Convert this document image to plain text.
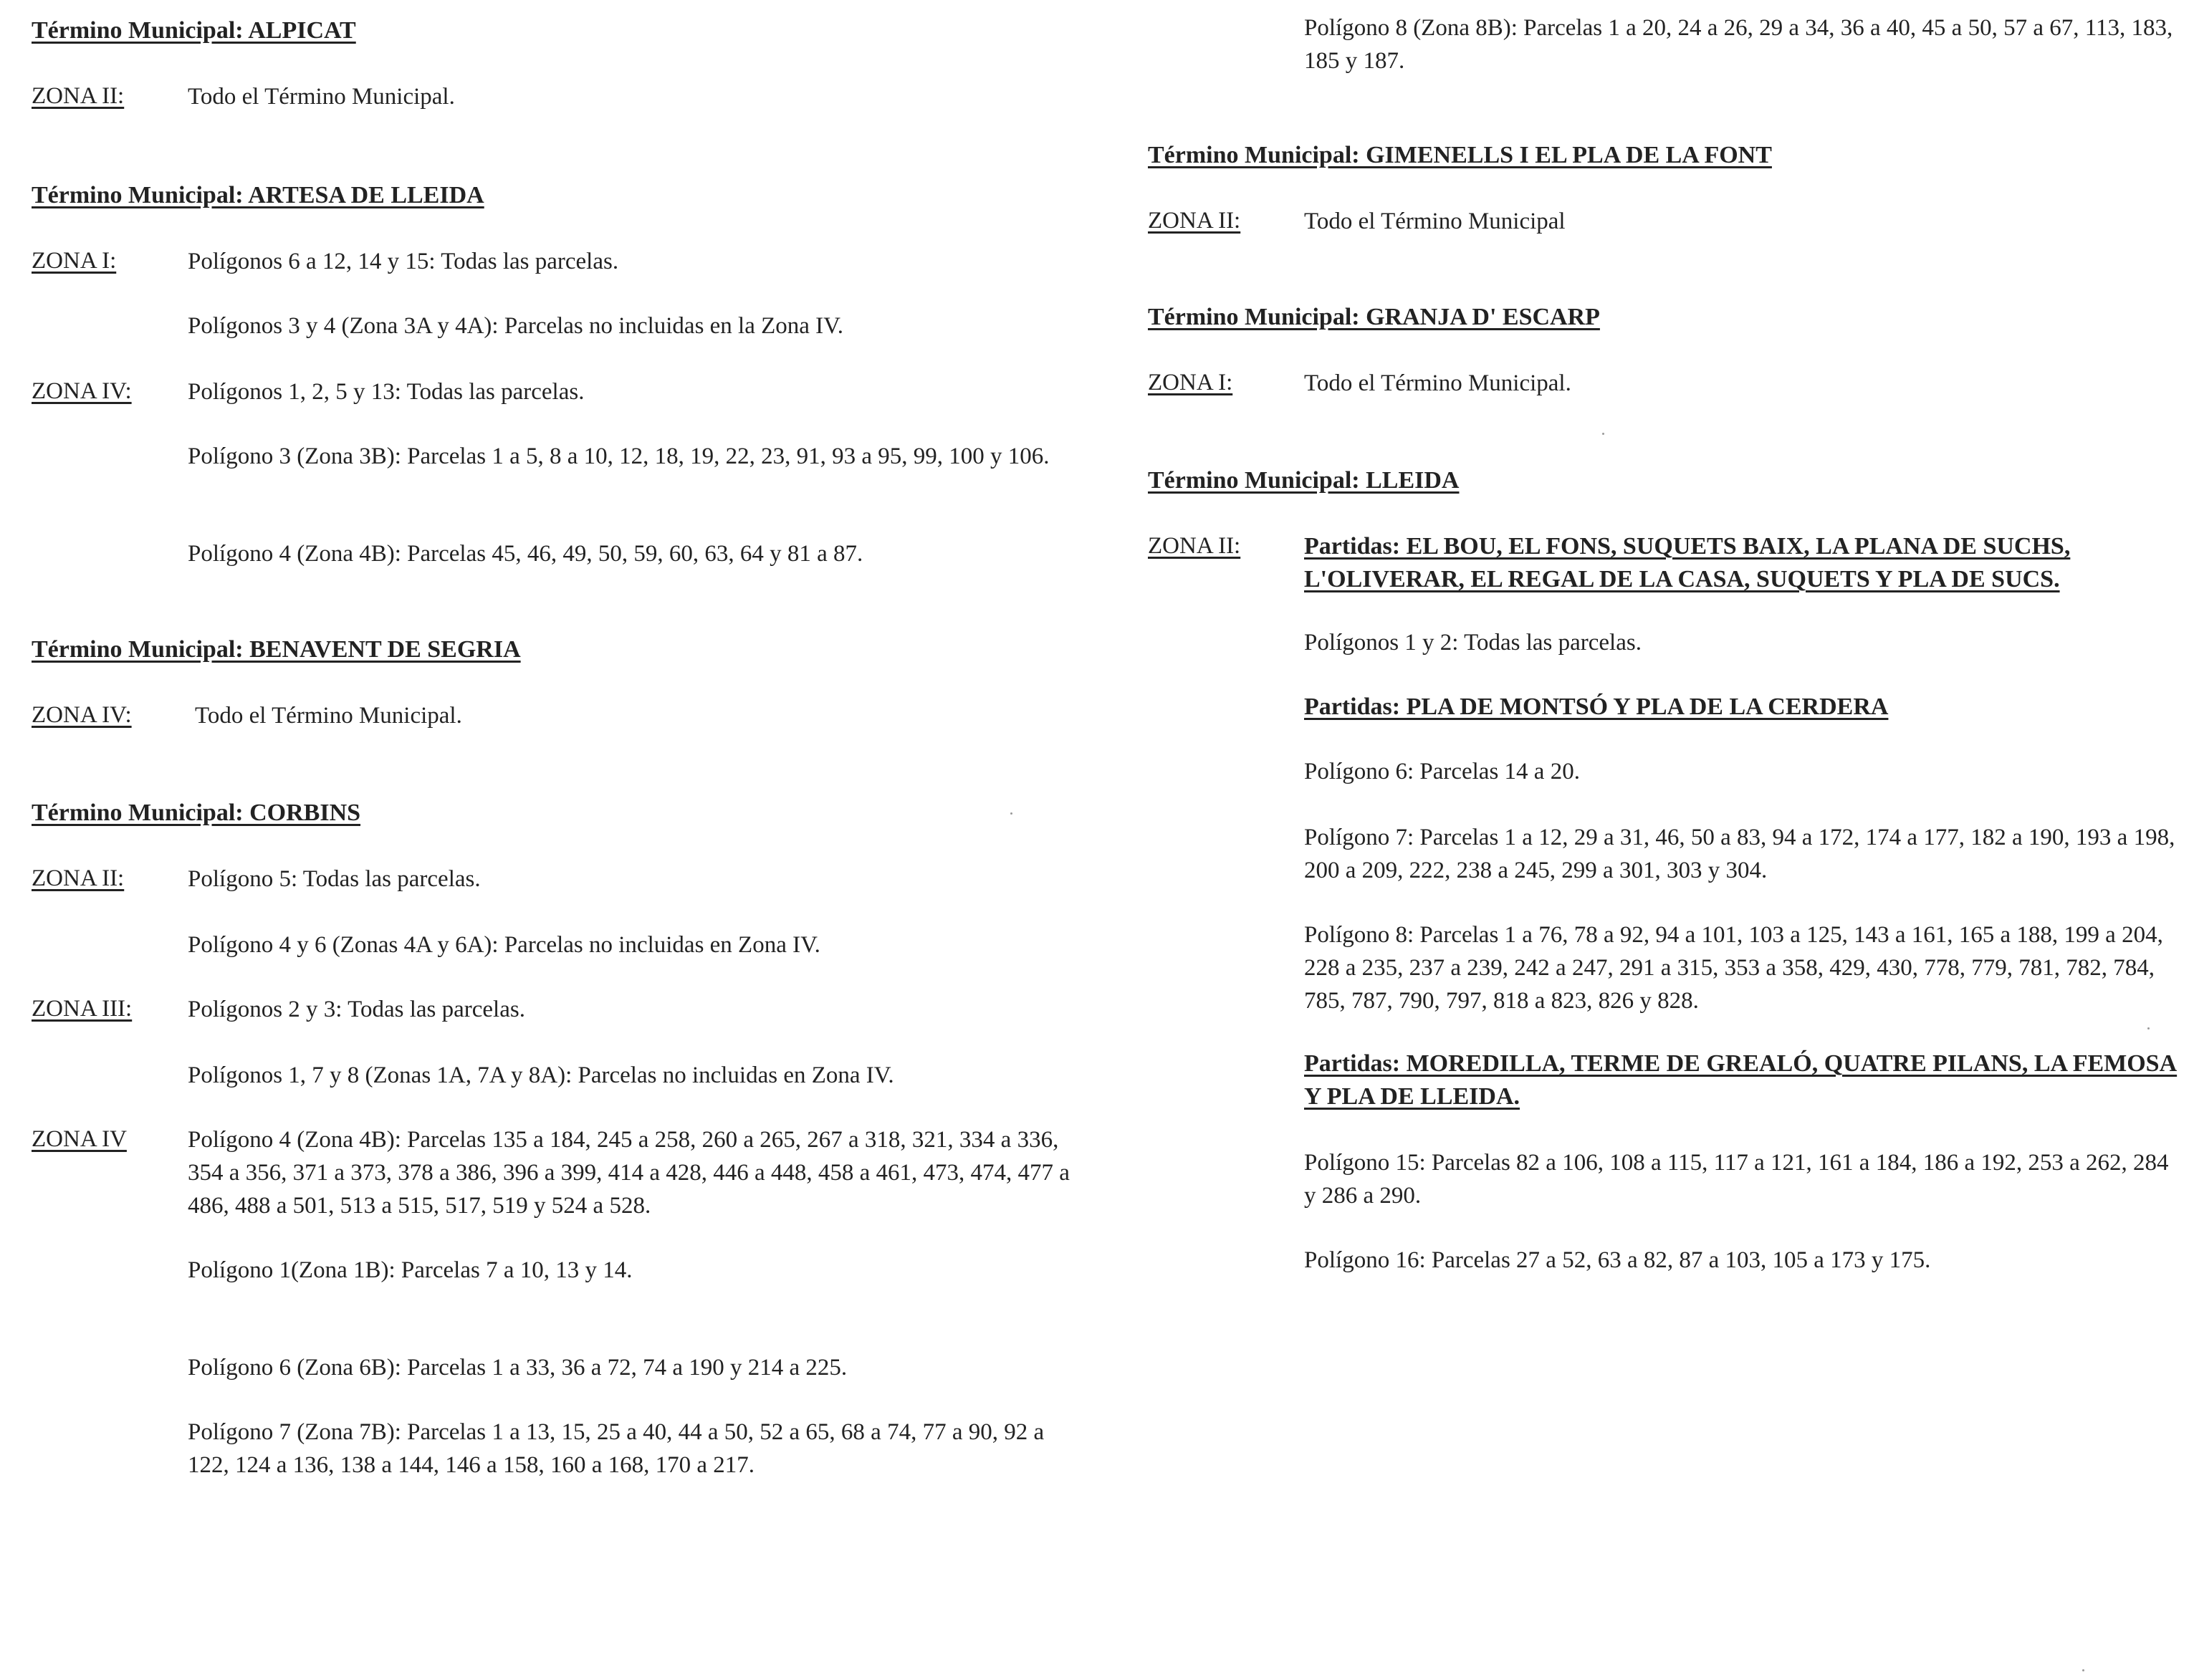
Término Municipal: ALPICAT
ZONA II:	Todo el Término Municipal.
Término Municipal: ARTESA DE LLEIDA
ZONA I:	Polígonos 6 a 12, 14 y 15: Todas las parcelas.
Polígonos 3 y 4 (Zona 3A y 4A): Parcelas no incluidas en la Zona IV.
ZONA IV: Polígonos 1, 2, 5 y 13: Todas las parcelas.
Polígono 3 (Zona 3B): Parcelas 1 a 5, 8 a 10, 12, 18, 19, 22, 23, 91, 93 a 95, 99, 100 y 106.
Polígono 4 (Zona 4B): Parcelas 45, 46, 49, 50, 59, 60, 63, 64 y 81 a 87.
Término Municipal: BENAVENT DE SEGRIA
ZONA IV:	Todo el Término Municipal.
Término Municipal: CORBINS
ZONA II:	Polígono 5: Todas las parcelas.
Polígono 4 y 6 (Zonas 4A y 6A): Parcelas no incluidas en Zona IV.
ZONA III: Polígonos 2 y 3: Todas las parcelas.
Polígonos 1, 7 y 8 (Zonas 1A, 7A y 8A): Parcelas no incluidas en Zona IV.
ZONA IV	Polígono 4 (Zona 4B): Parcelas 135 a 184, 245 a 258, 260 a 265, 267 a 318, 321, 334 a 336, 354 a 356, 371 a 373, 378 a 386, 396 a 399, 414 a 428, 446 a 448, 458 a 461, 473, 474, 477 a 486, 488 a 501, 513 a 515, 517, 519 y 524 a 528.
Polígono 1(Zona 1B): Parcelas 7 a 10, 13 y 14.
Polígono 6 (Zona 6B): Parcelas 1 a 33, 36 a 72, 74 a 190 y 214 a 225.
Polígono 7 (Zona 7B): Parcelas 1 a 13, 15, 25 a 40, 44 a 50, 52 a 65, 68 a 74, 77 a 90, 92 a 122, 124 a 136, 138 a 144, 146 a 158, 160 a 168, 170 a 217.
Polígono 8 (Zona 8B): Parcelas 1 a 20, 24 a 26, 29 a 34, 36 a 40, 45 a 50, 57 a 67, 113, 183, 185 y 187.
Término Municipal: GIMENELLS I EL PLA DE LA FONT
ZONA II:	Todo el Término Municipal
Término Municipal: GRANJA D' ESCARP
ZONA I:	Todo el Término Municipal.
Término Municipal: LLEIDA
ZONA II:	Partidas: EL BOU, EL FONS, SUQUETS BAIX, LA PLANA DE SUCHS, L'OLIVERAR, EL REGAL DE LA CASA, SUQUETS Y PLA DE SUCS.
Polígonos 1 y 2: Todas las parcelas.
Partidas: PLA DE MONTSÓ Y PLA DE LA CERDERA
Polígono 6: Parcelas 14 a 20.
Polígono 7: Parcelas 1 a 12, 29 a 31, 46, 50 a 83, 94 a 172, 174 a 177, 182 a 190, 193 a 198, 200 a 209, 222, 238 a 245, 299 a 301, 303 y 304.
Polígono 8: Parcelas 1 a 76, 78 a 92, 94 a 101, 103 a 125, 143 a 161, 165 a 188, 199 a 204, 228 a 235, 237 a 239, 242 a 247, 291 a 315, 353 a 358, 429, 430, 778, 779, 781, 782, 784, 785, 787, 790, 797, 818 a 823, 826 y 828.
Partidas: MOREDILLA, TERME DE GREALÓ, QUATRE PILANS, LA FEMOSA Y PLA DE LLEIDA.
Polígono 15: Parcelas 82 a 106, 108 a 115, 117 a 121, 161 a 184, 186 a 192, 253 a 262, 284 y 286 a 290.
Polígono 16: Parcelas 27 a 52, 63 a 82, 87 a 103, 105 a 173 y 175.
